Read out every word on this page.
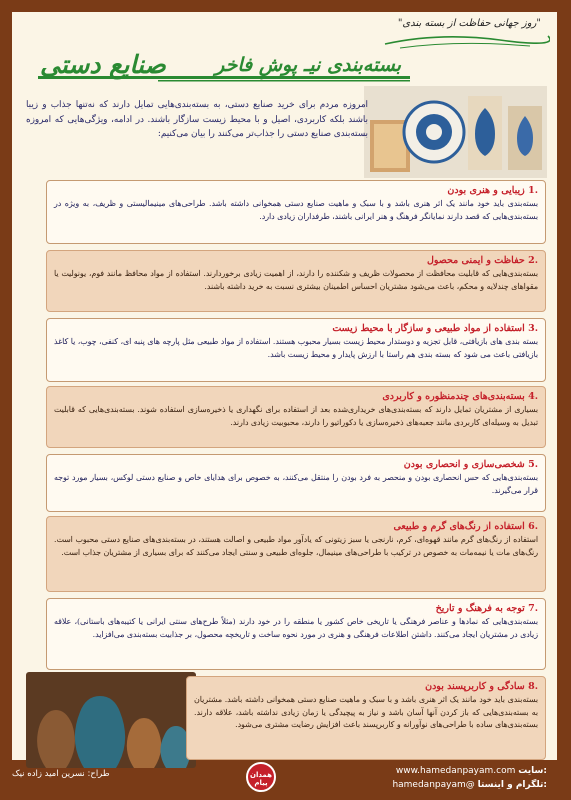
"روز جهانی حفاظت از بسته بندی"
بسته‌بندی نیـ پوشِ فاخر
صنایع دستی
امروزه مردم برای خرید صنایع دستی، به بسته‌بندی‌هایی تمایل دارند که نه‌تنها جذاب و زیبا باشند بلکه کاربردی، اصیل و با محیط زیست سازگار باشند. در ادامه، ویژگی‌هایی که امروزه بسته‌بندی صنایع دستی را جذاب‌تر می‌کنند را بیان می‌کنیم:
.1 زیبایی و هنری بودن
بسته‌بندی باید خود مانند یک اثر هنری باشد و با سبک و ماهیت صنایع دستی همخوانی داشته باشد. طراحی‌های مینیمالیستی و ظریف، به ویژه در بسته‌بندی‌هایی که قصد دارند نمایانگر فرهنگ و هنر ایرانی باشند، طرفداران زیادی دارد.
.2 حفاظت و ایمنی محصول
بسته‌بندی‌هایی که قابلیت محافظت از محصولات ظریف و شکننده را دارند، از اهمیت زیادی برخوردارند. استفاده از مواد محافظ مانند فوم، یونولیت یا مقواهای چندلایه و محکم، باعث می‌شود مشتریان احساس اطمینان بیشتری نسبت به خرید داشته باشند.
.3 استفاده از مواد طبیعی و سازگار با محیط زیست
بسته بندی های بازیافتی، قابل تجزیه و دوستدار محیط زیست بسیار محبوب هستند. استفاده از مواد طبیعی مثل پارچه های پنبه ای، کنفی، چوب، یا کاغذ بازیافتی باعث می شود که بسته بندی هم راستا با ارزش پایدار و محیط زیست باشد.
.4 بسته‌بندی‌های چندمنظوره و کاربردی
بسیاری از مشتریان تمایل دارند که بسته‌بندی‌های خریداری‌شده بعد از استفاده برای نگهداری یا ذخیره‌سازی استفاده شوند. بسته‌بندی‌هایی که قابلیت تبدیل به وسیله‌ای کاربردی مانند جعبه‌های ذخیره‌سازی یا دکوراتیو را دارند، محبوبیت زیادی دارند.
.5 شخصی‌سازی و انحصاری بودن
بسته‌بندی‌هایی که حس انحصاری بودن و منحصر به فرد بودن را منتقل می‌کنند، به خصوص برای هدایای خاص و صنایع دستی لوکس، بسیار مورد توجه قرار می‌گیرند.
.6 استفاده از رنگ‌های گرم و طبیعی
استفاده از رنگ‌های گرم مانند قهوه‌ای، کرم، نارنجی یا سبز زیتونی که یادآور مواد طبیعی و اصالت هستند، در بسته‌بندی‌های صنایع دستی محبوب است. رنگ‌های مات یا نیمه‌مات به خصوص در ترکیب با طراحی‌های مینیمال، جلوه‌ای طبیعی و سنتی ایجاد می‌کنند که برای بسیاری از مشتریان جذاب است.
.7 توجه به فرهنگ و تاریخ
بسته‌بندی‌هایی که نمادها و عناصر فرهنگی یا تاریخی خاص کشور یا منطقه را در خود دارند (مثلاً طرح‌های سنتی ایرانی یا کتیبه‌های باستانی)، علاقه زیادی در مشتریان ایجاد می‌کنند. داشتن اطلاعات فرهنگی و هنری در مورد نحوه ساخت و تاریخچه محصول، بر جذابیت بسته‌بندی می‌افزاید.
.8 سادگی و کاربرپسند بودن
بسته‌بندی باید خود مانند یک اثر هنری باشد و با سبک و ماهیت صنایع دستی همخوانی داشته باشد. مشتریان به بسته‌بندی‌هایی که باز کردن آنها آسان باشد و نیاز به پیچیدگی یا زمان زیادی نداشته باشد، علاقه دارند. بسته‌بندی‌های ساده با طراحی‌های نوآورانه و کاربرپسند باعث افزایش رضایت مشتری می‌شود.
طراح: نسرین امید زاده نیک	همدان پیام
www.hamedanpayam.com سایت:
hamedanpayam@ تلگرام و اینستا:
